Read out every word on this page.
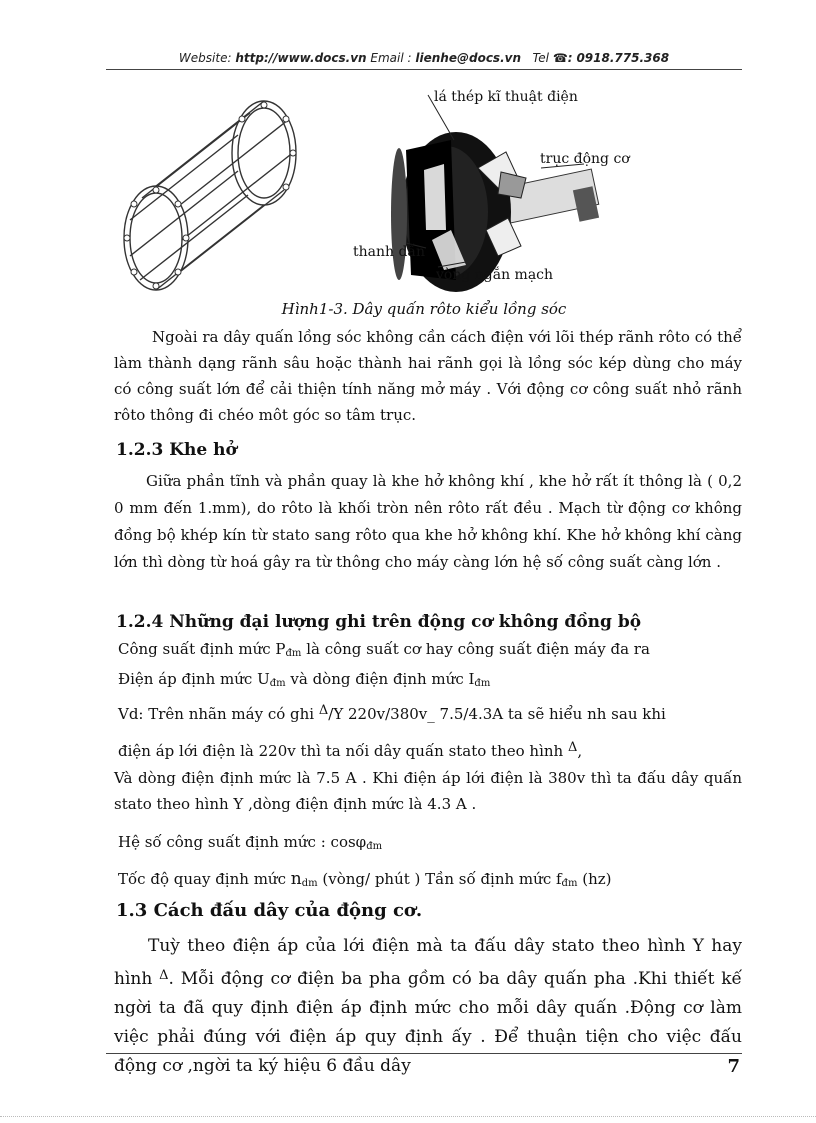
Website: http://www.docs.vn Email : lienhe@docs.vn Tel ☎: 0918.775.368
lá thép kĩ thuật điện
trục động cơ
thanh dẫn
vòng ngắn mạch
Hình1-3. Dây quấn rôto kiểu lồng sóc
Ngoài ra dây quấn lồng sóc không cần cách điện với lõi thép rãnh rôto có thể làm thành dạng rãnh sâu hoặc thành hai rãnh gọi là lồng sóc kép dùng cho máy có công suất lớn để cải thiện tính năng mở máy . Với động cơ công suất nhỏ rãnh rôto thông đi chéo môt góc so tâm trục.
1.2.3 Khe hở
Giữa phần tĩnh và phần quay là khe hở không khí , khe hở rất ít thông là ( 0,2 0 mm đến 1.mm), do rôto là khối tròn nên rôto rất đều . Mạch từ động cơ không đồng bộ khép kín từ stato sang rôto qua khe hở không khí. Khe hở không khí càng lớn thì dòng từ hoá gây ra từ thông cho máy càng lớn hệ số công suất càng lớn .
1.2.4 Những đại lượng ghi trên động cơ không đồng bộ
Công suất định mức $P_{đm}$ là công suất cơ hay công suất điện máy đa ra
Điện áp định mức $U_{đm}$ và dòng điện định mức $I_{đm}$
Vd: Trên nhãn máy có ghi Δ/Y 220v/380v_ 7.5/4.3A ta sẽ hiểu nh sau khi
điện áp lới điện là 220v thì ta nối dây quấn stato theo hình Δ,
Và dòng điện định mức là 7.5 A . Khi điện áp lới điện là 380v thì ta đấu dây quấn stato theo hình Y ,dòng điện định mức là 4.3 A .
Hệ số công suất định mức : cosφ$_{đm}$
Tốc độ quay định mức $n_{dm}$ (vòng/ phút ) Tần số định mức $f_{đm}$ (hz)
1.3 Cách đấu dây của động cơ.
Tuỳ theo điện áp của lới điện mà ta đấu dây stato theo hình Y hay hình $^\Delta$. Mỗi động cơ điện ba pha gồm có ba dây quấn pha .Khi thiết kế ngời ta đã quy định điện áp định mức cho mỗi dây quấn .Động cơ làm việc phải đúng với điện áp quy định ấy . Để thuận tiện cho việc đấu động cơ ,ngời ta ký hiệu 6 đầu dây	7
